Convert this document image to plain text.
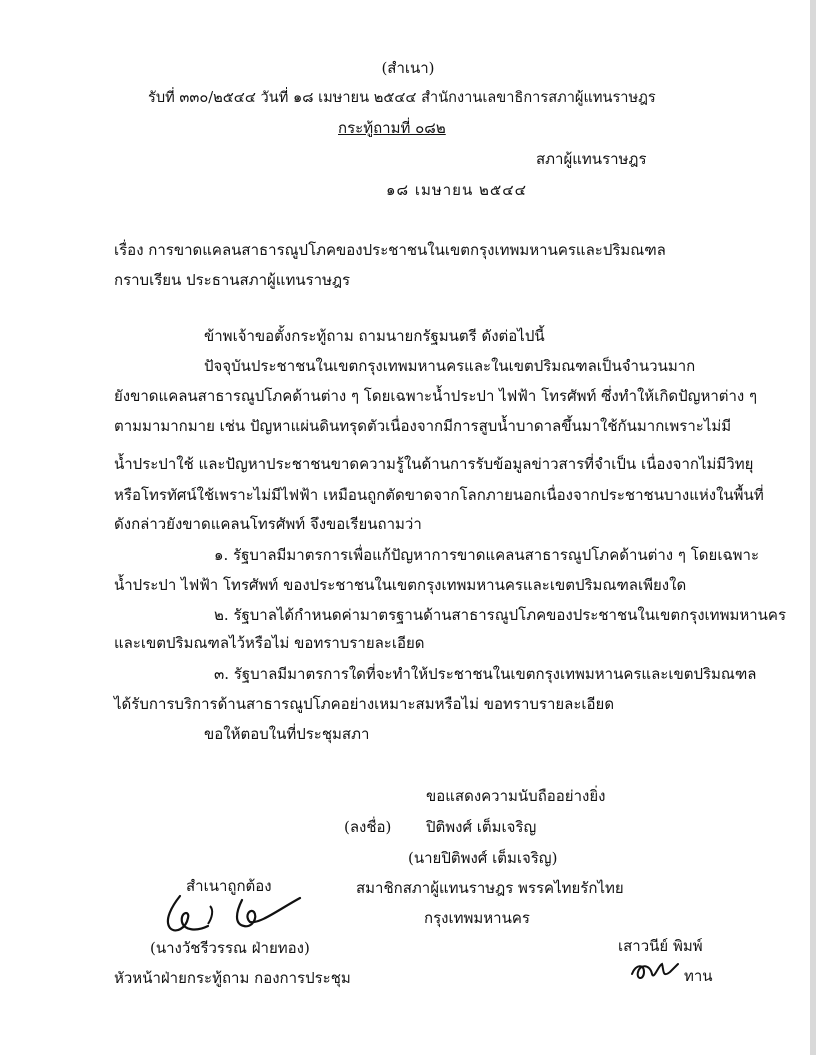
(สำเนา)
รับที่ ๓๓๐/๒๕๔๔ วันที่ ๑๘ เมษายน ๒๕๔๔ สำนักงานเลขาธิการสภาผู้แทนราษฎร
กระทู้ถามที่ ๐๘๒
สภาผู้แทนราษฎร
๑๘ เมษายน ๒๕๔๔
เรื่อง การขาดแคลนสาธารณูปโภคของประชาชนในเขตกรุงเทพมหานครและปริมณฑล
กราบเรียน ประธานสภาผู้แทนราษฎร
ข้าพเจ้าขอตั้งกระทู้ถาม ถามนายกรัฐมนตรี ดังต่อไปนี้
ปัจจุบันประชาชนในเขตกรุงเทพมหานครและในเขตปริมณฑลเป็นจำนวนมาก
ยังขาดแคลนสาธารณูปโภคด้านต่าง ๆ โดยเฉพาะน้ำประปา ไฟฟ้า โทรศัพท์ ซึ่งทำให้เกิดปัญหาต่าง ๆ
ตามมามากมาย เช่น ปัญหาแผ่นดินทรุดตัวเนื่องจากมีการสูบน้ำบาดาลขึ้นมาใช้กันมากเพราะไม่มี
น้ำประปาใช้ และปัญหาประชาชนขาดความรู้ในด้านการรับข้อมูลข่าวสารที่จำเป็น เนื่องจากไม่มีวิทยุ
หรือโทรทัศน์ใช้เพราะไม่มีไฟฟ้า เหมือนถูกตัดขาดจากโลกภายนอกเนื่องจากประชาชนบางแห่งในพื้นที่
ดังกล่าวยังขาดแคลนโทรศัพท์ จึงขอเรียนถามว่า
๑. รัฐบาลมีมาตรการเพื่อแก้ปัญหาการขาดแคลนสาธารณูปโภคด้านต่าง ๆ โดยเฉพาะ
น้ำประปา ไฟฟ้า โทรศัพท์ ของประชาชนในเขตกรุงเทพมหานครและเขตปริมณฑลเพียงใด
๒. รัฐบาลได้กำหนดค่ามาตรฐานด้านสาธารณูปโภคของประชาชนในเขตกรุงเทพมหานคร
และเขตปริมณฑลไว้หรือไม่ ขอทราบรายละเอียด
๓. รัฐบาลมีมาตรการใดที่จะทำให้ประชาชนในเขตกรุงเทพมหานครและเขตปริมณฑล
ได้รับการบริการด้านสาธารณูปโภคอย่างเหมาะสมหรือไม่ ขอทราบรายละเอียด
ขอให้ตอบในที่ประชุมสภา
ขอแสดงความนับถืออย่างยิ่ง
(ลงชื่อ) ปิติพงศ์ เต็มเจริญ
(นายปิติพงศ์ เต็มเจริญ)
สมาชิกสภาผู้แทนราษฎร พรรคไทยรักไทย
กรุงเทพมหานคร
สำเนาถูกต้อง
(นางวัชรีวรรณ ฝ่ายทอง)
หัวหน้าฝ่ายกระทู้ถาม กองการประชุม
เสาวนีย์ พิมพ์
ทาน
